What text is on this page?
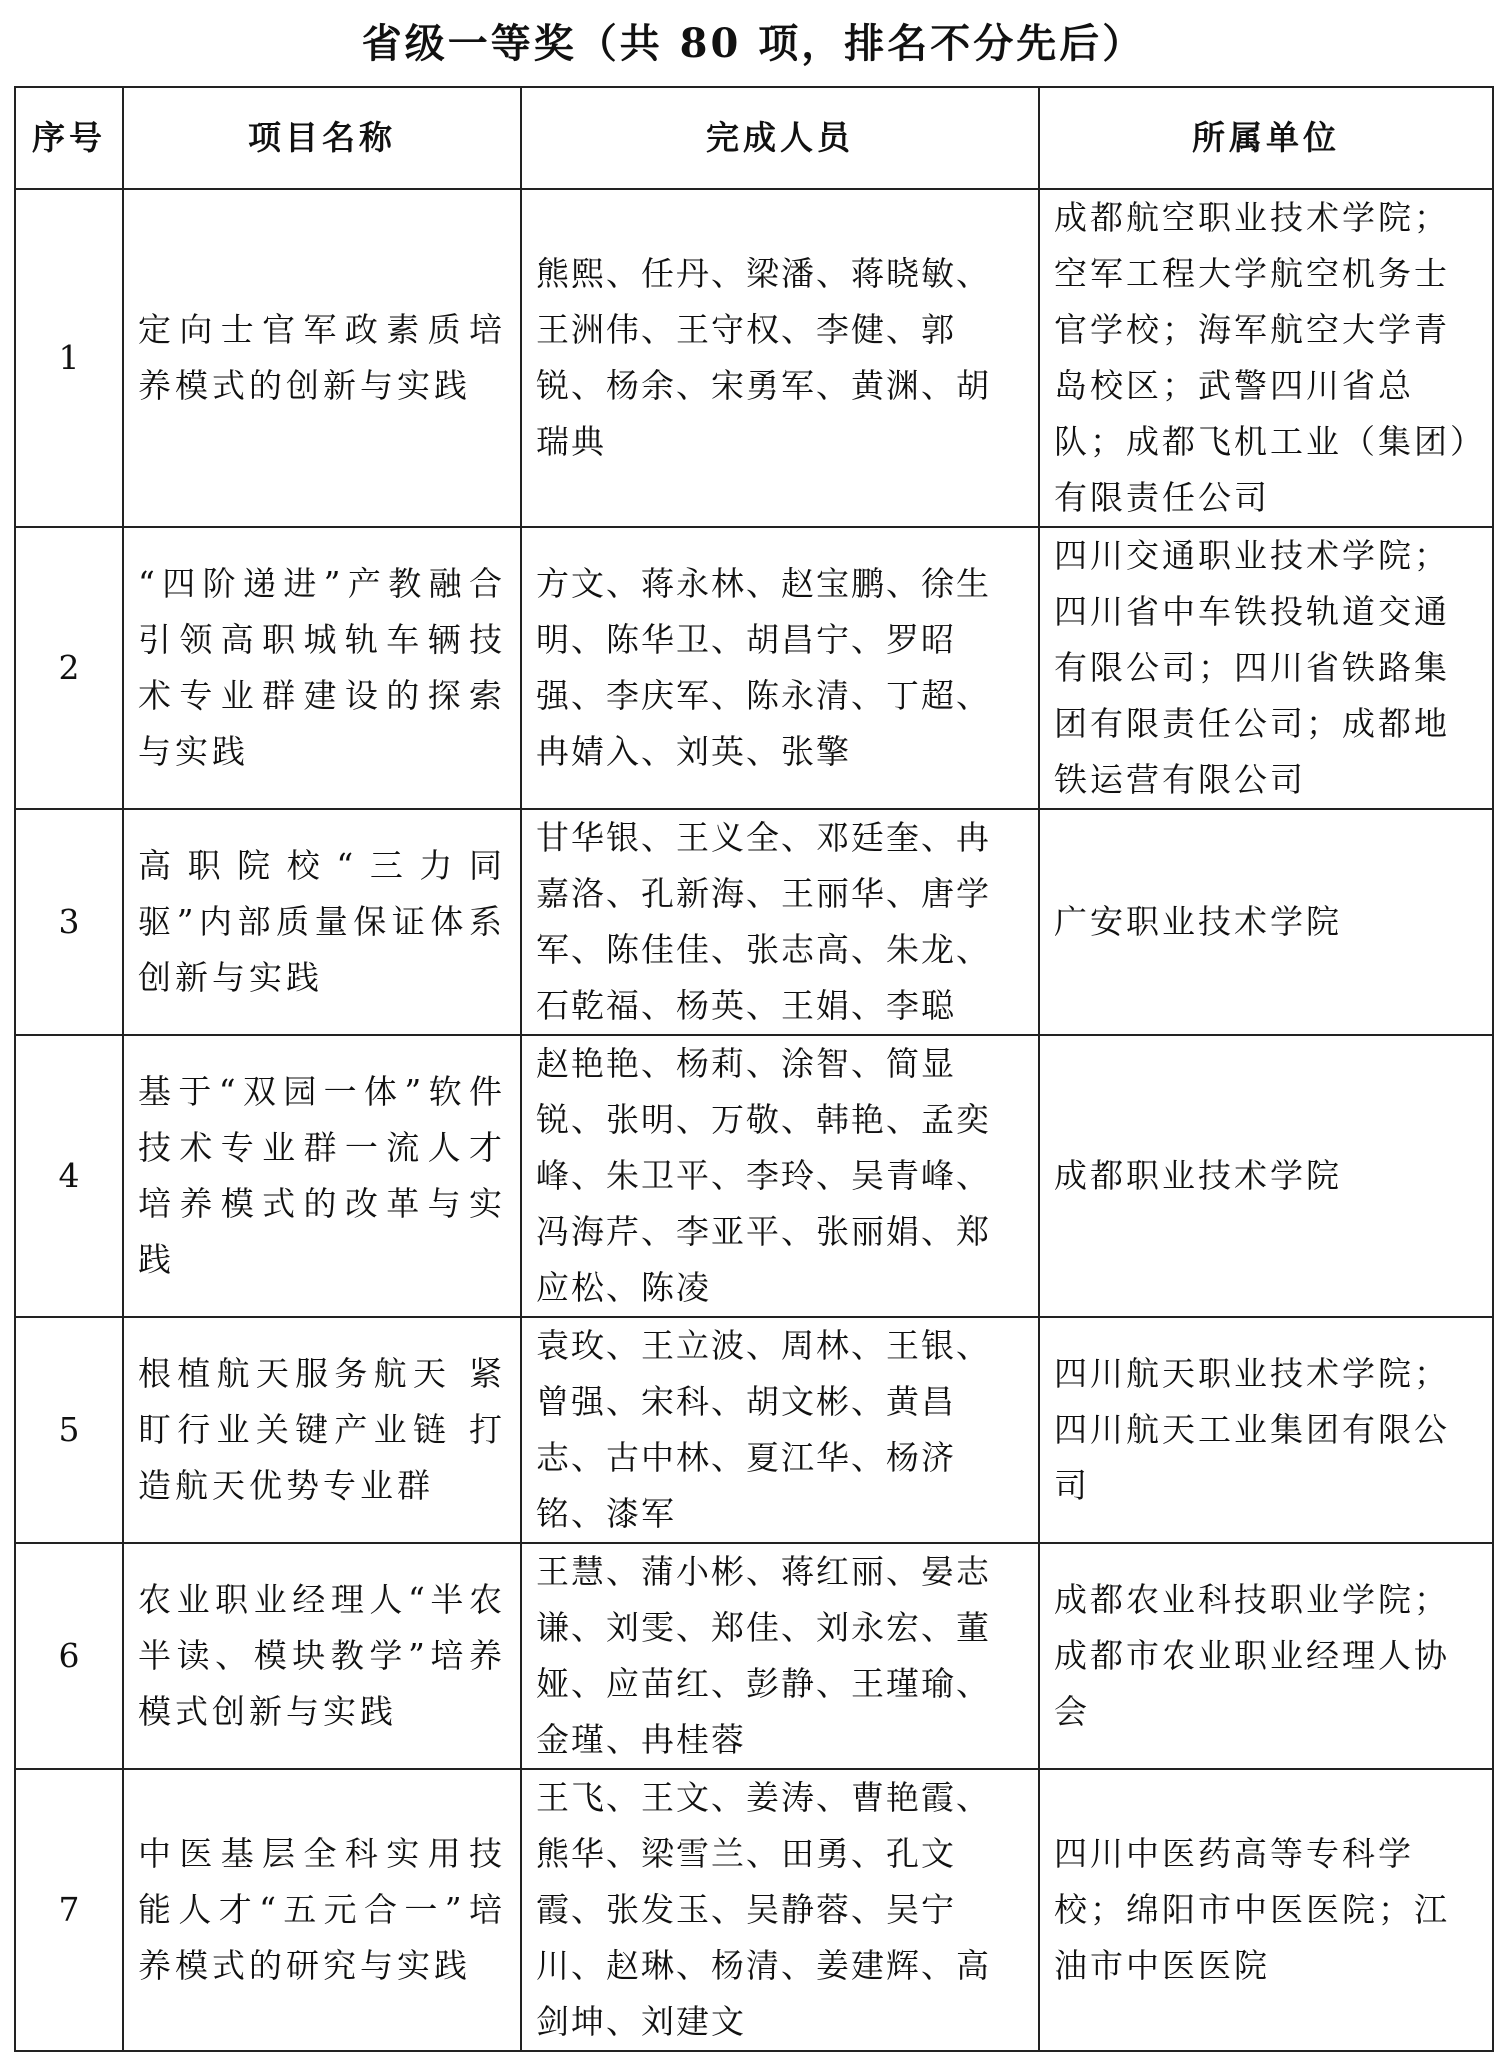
省级一等奖（共 80 项，排名不分先后）
序号	项目名称	完成人员	所属单位
1	定向士官军政素质培养模式的创新与实践	熊熙、任丹、梁潘、蒋晓敏、王洲伟、王守权、李健、郭锐、杨余、宋勇军、黄渊、胡瑞典	成都航空职业技术学院；空军工程大学航空机务士官学校；海军航空大学青岛校区；武警四川省总队；成都飞机工业（集团）有限责任公司
2	“四阶递进”产教融合引领高职城轨车辆技术专业群建设的探索与实践	方文、蒋永林、赵宝鹏、徐生明、陈华卫、胡昌宁、罗昭强、李庆军、陈永清、丁超、冉婧入、刘英、张擎	四川交通职业技术学院；四川省中车铁投轨道交通有限公司；四川省铁路集团有限责任公司；成都地铁运营有限公司
3	高职院校“三力同驱”内部质量保证体系创新与实践	甘华银、王义全、邓廷奎、冉嘉洛、孔新海、王丽华、唐学军、陈佳佳、张志高、朱龙、石乾福、杨英、王娟、李聪	广安职业技术学院
4	基于“双园一体”软件技术专业群一流人才培养模式的改革与实践	赵艳艳、杨莉、涂智、简显锐、张明、万敬、韩艳、孟奕峰、朱卫平、李玲、吴青峰、冯海芹、李亚平、张丽娟、郑应松、陈凌	成都职业技术学院
5	根植航天服务航天 紧盯行业关键产业链 打造航天优势专业群	袁玫、王立波、周林、王银、曾强、宋科、胡文彬、黄昌志、古中林、夏江华、杨济铭、漆军	四川航天职业技术学院；四川航天工业集团有限公司
6	农业职业经理人“半农半读、模块教学”培养模式创新与实践	王慧、蒲小彬、蒋红丽、晏志谦、刘雯、郑佳、刘永宏、董娅、应苗红、彭静、王瑾瑜、金瑾、冉桂蓉	成都农业科技职业学院；成都市农业职业经理人协会
7	中医基层全科实用技能人才“五元合一”培养模式的研究与实践	王飞、王文、姜涛、曹艳霞、熊华、梁雪兰、田勇、孔文霞、张发玉、吴静蓉、吴宁川、赵琳、杨清、姜建辉、高剑坤、刘建文	四川中医药高等专科学校；绵阳市中医医院；江油市中医医院
